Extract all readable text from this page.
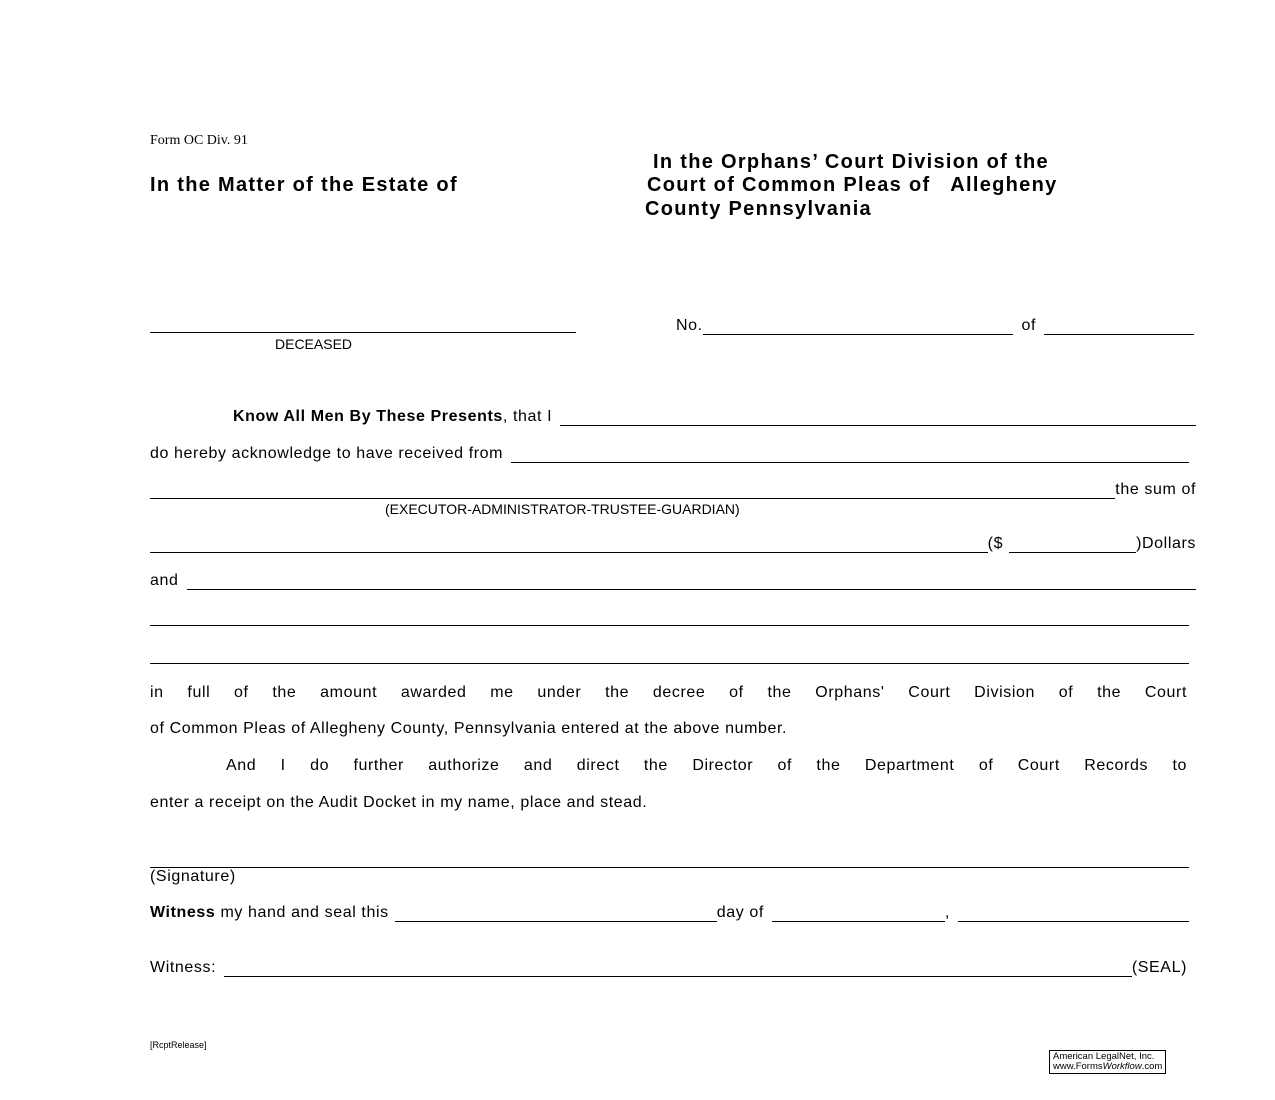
Form OC Div. 91
In the Matter of the Estate of
In the Orphans’ Court Division of the
Court of Common Pleas of   Allegheny
County Pennsylvania
DECEASED
No.	of
Know All Men By These Presents , that I
do hereby acknowledge to have received from
the sum of
(EXECUTOR-ADMINISTRATOR-TRUSTEE-GUARDIAN)
($	)Dollars
and
in full of the amount awarded me under the decree of the Orphans' Court Division of the Court
of Common Pleas of Allegheny County, Pennsylvania entered at the above number.
And I do further authorize and direct the Director of the Department of Court Records to
enter a receipt on the Audit Docket in my name, place and stead.
(Signature)
Witness my hand and seal this	day of	,
Witness:	(SEAL)
[RcptRelease]
American LegalNet, Inc.
www.FormsWorkflow.com
